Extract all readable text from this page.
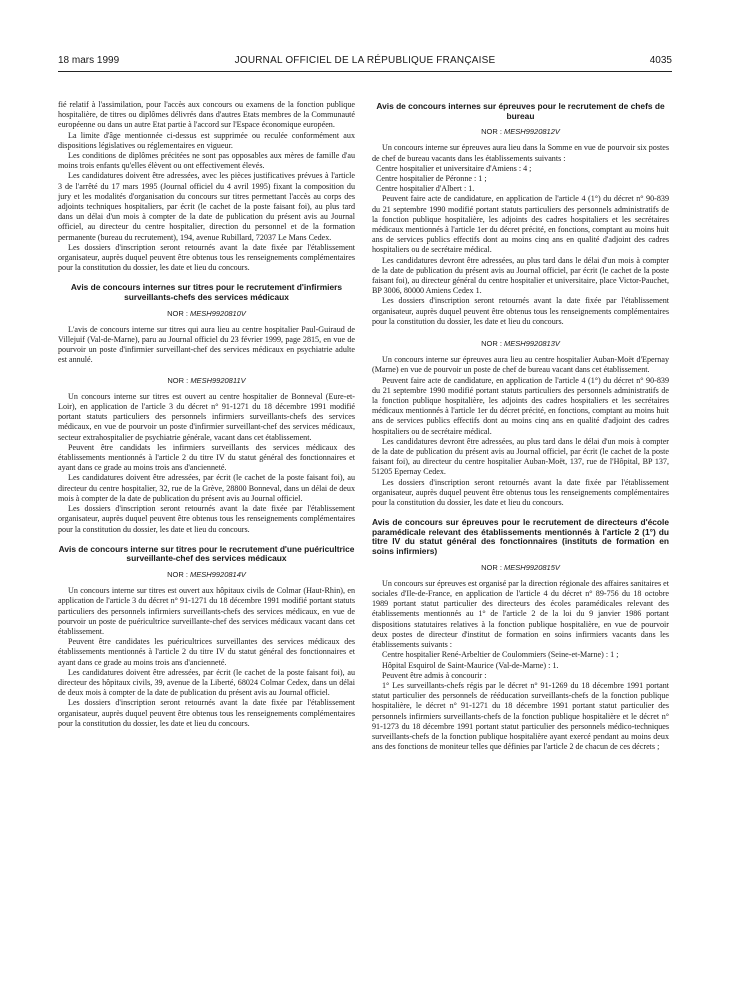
18 mars 1999	JOURNAL OFFICIEL DE LA RÉPUBLIQUE FRANÇAISE	4035

fié relatif à l'assimilation, pour l'accès aux concours ou examens de la fonction publique hospitalière, de titres ou diplômes délivrés dans d'autres Etats membres de la Communauté européenne ou dans un autre Etat partie à l'accord sur l'Espace économique européen.

La limite d'âge mentionnée ci-dessus est supprimée ou reculée conformément aux dispositions législatives ou réglementaires en vigueur.

Les conditions de diplômes précitées ne sont pas opposables aux mères de famille d'au moins trois enfants qu'elles élèvent ou ont effectivement élevés.

Les candidatures doivent être adressées, avec les pièces justificatives prévues à l'article 3 de l'arrêté du 17 mars 1995 (Journal officiel du 4 avril 1995) fixant la composition du jury et les modalités d'organisation du concours sur titres permettant l'accès au corps des adjoints techniques hospitaliers, par écrit (le cachet de la poste faisant foi), au plus tard dans un délai d'un mois à compter de la date de publication du présent avis au Journal officiel, au directeur du centre hospitalier, direction du personnel et de la formation permanente (bureau du recrutement), 194, avenue Rubillard, 72037 Le Mans Cedex.

Les dossiers d'inscription seront retournés avant la date fixée par l'établissement organisateur, auprès duquel peuvent être obtenus tous les renseignements complémentaires pour la constitution du dossier, les date et lieu du concours.

Avis de concours internes sur titres pour le recrutement d'infirmiers surveillants-chefs des services médicaux
NOR : MESH9920810V

L'avis de concours interne sur titres qui aura lieu au centre hospitalier Paul-Guiraud de Villejuif (Val-de-Marne), paru au Journal officiel du 23 février 1999, page 2815, en vue de pourvoir un poste d'infirmier surveillant-chef des services médicaux en psychiatrie adulte est annulé.

NOR : MESH9920811V

Un concours interne sur titres est ouvert au centre hospitalier de Bonneval (Eure-et-Loir), en application de l'article 3 du décret n° 91-1271 du 18 décembre 1991 modifié portant statuts particuliers des personnels infirmiers surveillants-chefs des services médicaux, en vue de pourvoir un poste d'infirmier surveillant-chef des services médicaux, secteur extrahospitalier de psychiatrie générale, vacant dans cet établissement.

Peuvent être candidats les infirmiers surveillants des services médicaux des établissements mentionnés à l'article 2 du titre IV du statut général des fonctionnaires et ayant dans ce grade au moins trois ans d'ancienneté.

Les candidatures doivent être adressées, par écrit (le cachet de la poste faisant foi), au directeur du centre hospitalier, 32, rue de la Grève, 28800 Bonneval, dans un délai de deux mois à compter de la date de publication du présent avis au Journal officiel.

Les dossiers d'inscription seront retournés avant la date fixée par l'établissement organisateur, auprès duquel peuvent être obtenus tous les renseignements complémentaires pour la constitution du dossier, les date et lieu du concours.

Avis de concours interne sur titres pour le recrutement d'une puéricultrice surveillante-chef des services médicaux
NOR : MESH9920814V

Un concours interne sur titres est ouvert aux hôpitaux civils de Colmar (Haut-Rhin), en application de l'article 3 du décret n° 91-1271 du 18 décembre 1991 modifié portant statuts particuliers des personnels infirmiers surveillants-chefs des services médicaux, en vue de pourvoir un poste de puéricultrice surveillante-chef des services médicaux vacant dans cet établissement.

Peuvent être candidates les puéricultrices surveillantes des services médicaux des établissements mentionnés à l'article 2 du titre IV du statut général des fonctionnaires et ayant dans ce grade au moins trois ans d'ancienneté.

Les candidatures doivent être adressées, par écrit (le cachet de la poste faisant foi), au directeur des hôpitaux civils, 39, avenue de la Liberté, 68024 Colmar Cedex, dans un délai de deux mois à compter de la date de publication du présent avis au Journal officiel.

Les dossiers d'inscription seront retournés avant la date fixée par l'établissement organisateur, auprès duquel peuvent être obtenus tous les renseignements complémentaires pour la constitution du dossier, les date et lieu du concours.

Avis de concours internes sur épreuves pour le recrutement de chefs de bureau
NOR : MESH9920812V

Un concours interne sur épreuves aura lieu dans la Somme en vue de pourvoir six postes de chef de bureau vacants dans les établissements suivants :

Centre hospitalier et universitaire d'Amiens : 4 ;

Centre hospitalier de Péronne : 1 ;

Centre hospitalier d'Albert : 1.

Peuvent faire acte de candidature, en application de l'article 4 (1°) du décret n° 90-839 du 21 septembre 1990 modifié portant statuts particuliers des personnels administratifs de la fonction publique hospitalière, les adjoints des cadres hospitaliers et les secrétaires médicaux mentionnés à l'article 1er du décret précité, en fonctions, comptant au moins huit ans de services publics effectifs dont au moins cinq ans en qualité d'adjoint des cadres hospitaliers ou de secrétaire médical.

Les candidatures devront être adressées, au plus tard dans le délai d'un mois à compter de la date de publication du présent avis au Journal officiel, par écrit (le cachet de la poste faisant foi), au directeur général du centre hospitalier et universitaire, place Victor-Pauchet, BP 3006, 80000 Amiens Cedex 1.

Les dossiers d'inscription seront retournés avant la date fixée par l'établissement organisateur, auprès duquel peuvent être obtenus tous les renseignements complémentaires pour la constitution du dossier, les date et lieu du concours.

NOR : MESH9920813V

Un concours interne sur épreuves aura lieu au centre hospitalier Auban-Moët d'Epernay (Marne) en vue de pourvoir un poste de chef de bureau vacant dans cet établissement.

Peuvent faire acte de candidature, en application de l'article 4 (1°) du décret n° 90-839 du 21 septembre 1990 modifié portant statuts particuliers des personnels administratifs de la fonction publique hospitalière, les adjoints des cadres hospitaliers et les secrétaires médicaux mentionnés à l'article 1er du décret précité, en fonctions, comptant au moins huit ans de services publics effectifs dont au moins cinq ans en qualité d'adjoint des cadres hospitaliers ou de secrétaire médical.

Les candidatures devront être adressées, au plus tard dans le délai d'un mois à compter de la date de publication du présent avis au Journal officiel, par écrit (le cachet de la poste faisant foi), au directeur du centre hospitalier Auban-Moët, 137, rue de l'Hôpital, BP 137, 51205 Epernay Cedex.

Les dossiers d'inscription seront retournés avant la date fixée par l'établissement organisateur, auprès duquel peuvent être obtenus tous les renseignements complémentaires pour la constitution du dossier, les date et lieu du concours.

Avis de concours sur épreuves pour le recrutement de directeurs d'école paramédicale relevant des établissements mentionnés à l'article 2 (1°) du titre IV du statut général des fonctionnaires (instituts de formation en soins infirmiers)
NOR : MESH9920815V

Un concours sur épreuves est organisé par la direction régionale des affaires sanitaires et sociales d'Ile-de-France, en application de l'article 4 du décret n° 89-756 du 18 octobre 1989 portant statut particulier des directeurs des écoles paramédicales relevant des établissements mentionnés au 1° de l'article 2 de la loi du 9 janvier 1986 portant dispositions statutaires relatives à la fonction publique hospitalière, en vue de pourvoir deux postes de directeur d'institut de formation en soins infirmiers vacants dans les établissements suivants :

Centre hospitalier René-Arbeltier de Coulommiers (Seine-et-Marne) : 1 ;

Hôpital Esquirol de Saint-Maurice (Val-de-Marne) : 1.

Peuvent être admis à concourir :

1° Les surveillants-chefs régis par le décret n° 91-1269 du 18 décembre 1991 portant statut particulier des personnels de rééducation surveillants-chefs de la fonction publique hospitalière, le décret n° 91-1271 du 18 décembre 1991 portant statut particulier des personnels infirmiers surveillants-chefs de la fonction publique hospitalière et le décret n° 91-1273 du 18 décembre 1991 portant statut particulier des personnels médico-techniques surveillants-chefs de la fonction publique hospitalière ayant exercé pendant au moins deux ans des fonctions de moniteur telles que définies par l'article 2 de chacun de ces décrets ;
